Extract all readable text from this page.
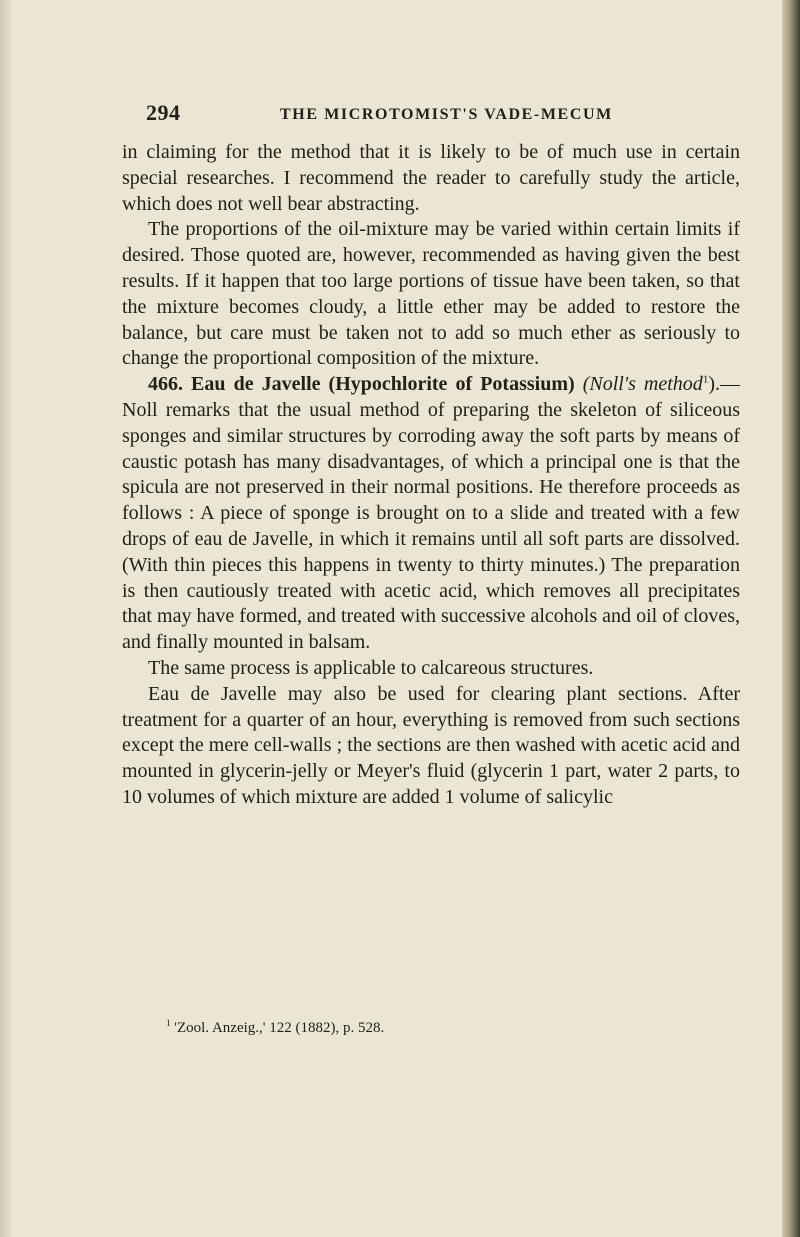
294	THE MICROTOMIST'S VADE-MECUM

in claiming for the method that it is likely to be of much use in certain special researches. I recommend the reader to carefully study the article, which does not well bear abstracting.

The proportions of the oil-mixture may be varied within certain limits if desired. Those quoted are, however, recommended as having given the best results. If it happen that too large portions of tissue have been taken, so that the mixture becomes cloudy, a little ether may be added to restore the balance, but care must be taken not to add so much ether as seriously to change the proportional composition of the mixture.

466. Eau de Javelle (Hypochlorite of Potassium) (Noll's method$^1$).—Noll remarks that the usual method of preparing the skeleton of siliceous sponges and similar structures by corroding away the soft parts by means of caustic potash has many disadvantages, of which a principal one is that the spicula are not preserved in their normal positions. He therefore proceeds as follows : A piece of sponge is brought on to a slide and treated with a few drops of eau de Javelle, in which it remains until all soft parts are dissolved. (With thin pieces this happens in twenty to thirty minutes.) The preparation is then cautiously treated with acetic acid, which removes all precipitates that may have formed, and treated with successive alcohols and oil of cloves, and finally mounted in balsam.

The same process is applicable to calcareous structures.

Eau de Javelle may also be used for clearing plant sections. After treatment for a quarter of an hour, everything is removed from such sections except the mere cell-walls ; the sections are then washed with acetic acid and mounted in glycerin-jelly or Meyer's fluid (glycerin 1 part, water 2 parts, to 10 volumes of which mixture are added 1 volume of salicylic

$^1$ 'Zool. Anzeig.,' 122 (1882), p. 528.
